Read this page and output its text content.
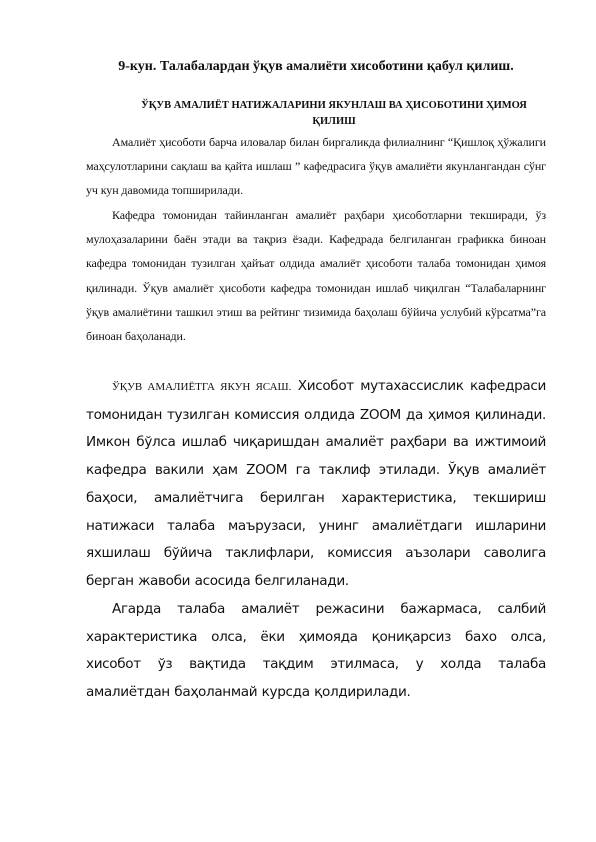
9-кун. Талабалардан ўқув амалиёти хисоботини қабул қилиш.
ЎҚУВ АМАЛИЁТ НАТИЖАЛАРИНИ ЯКУНЛАШ ВА ҲИСОБОТИНИ ҲИМОЯ ҚИЛИШ

Амалиёт ҳисоботи барча иловалар билан биргаликда филиалнинг “Қишлоқ ҳўжалиги маҳсулотларини сақлаш ва қайта ишлаш ” кафедрасига ўқув амалиёти якунлангандан сўнг уч кун давомида топширилади.

Кафедра томонидан тайинланган амалиёт раҳбари ҳисоботларни текширади, ўз мулоҳазаларини баён этади ва тақриз ёзади. Кафедрада белгиланган графикка биноан кафедра томонидан тузилган ҳайъат олдида амалиёт ҳисоботи талаба томонидан ҳимоя қилинади. Ўқув амалиёт ҳисоботи кафедра томонидан ишлаб чиқилган “Талабаларнинг ўқув амалиётини ташкил этиш ва рейтинг тизимида баҳолаш бўйича услубий кўрсатма”га биноан баҳоланади.

ЎҚУВ АМАЛИЁТГА ЯКУН ЯСАШ. Хисобот мутахассислик кафедраси томонидан тузилган комиссия олдида ZOOM да ҳимоя қилинади. Имкон бўлса ишлаб чиқаришдан амалиёт раҳбари ва ижтимоий кафедра вакили ҳам ZOOM га таклиф этилади. Ўқув амалиёт баҳоси, амалиётчига берилган характеристика, текшириш натижаси талаба маърузаси, унинг амалиётдаги ишларини яхшилаш бўйича таклифлари, комиссия аъзолари саволига берган жавоби асосида белгиланади.

Агарда талаба амалиёт режасини бажармаса, салбий характеристика олса, ёки ҳимояда қониқарсиз бахо олса, хисобот ўз вақтида тақдим этилмаса, у холда талаба амалиётдан баҳоланмай курсда қолдирилади.
